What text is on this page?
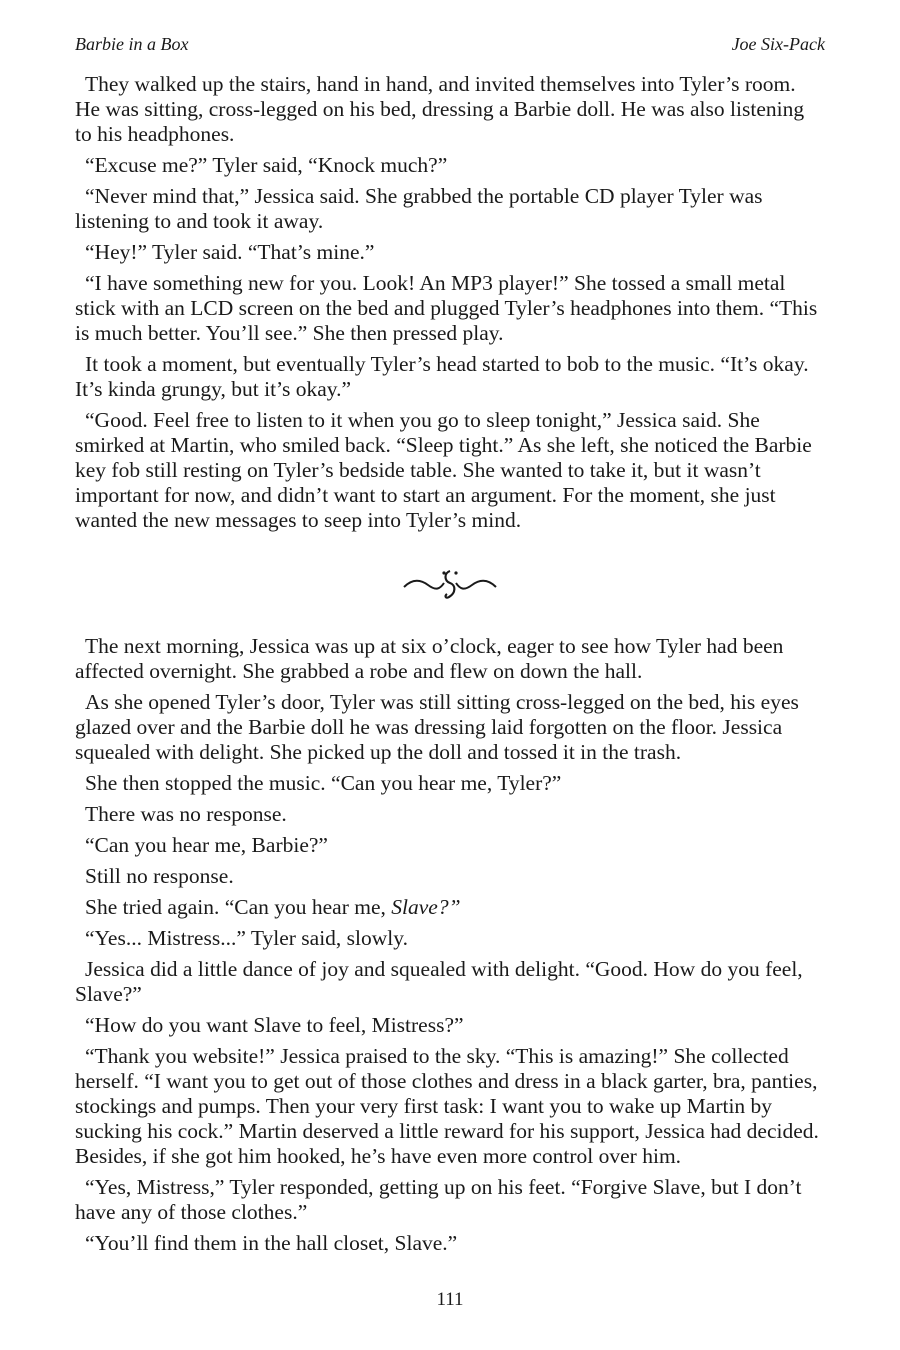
Barbie in a Box	Joe Six-Pack

They walked up the stairs, hand in hand, and invited themselves into Tyler’s room. He was sitting, cross-legged on his bed, dressing a Barbie doll. He was also listening to his headphones.

“Excuse me?” Tyler said, “Knock much?”

“Never mind that,” Jessica said. She grabbed the portable CD player Tyler was listening to and took it away.

“Hey!” Tyler said. “That’s mine.”

“I have something new for you. Look! An MP3 player!” She tossed a small metal stick with an LCD screen on the bed and plugged Tyler’s headphones into them. “This is much better. You’ll see.” She then pressed play.

It took a moment, but eventually Tyler’s head started to bob to the music. “It’s okay. It’s kinda grungy, but it’s okay.”

“Good. Feel free to listen to it when you go to sleep tonight,” Jessica said. She smirked at Martin, who smiled back. “Sleep tight.” As she left, she noticed the Barbie key fob still resting on Tyler’s bedside table. She wanted to take it, but it wasn’t important for now, and didn’t want to start an argument. For the moment, she just wanted the new messages to seep into Tyler’s mind.

The next morning, Jessica was up at six o’clock, eager to see how Tyler had been affected overnight. She grabbed a robe and flew on down the hall.

As she opened Tyler’s door, Tyler was still sitting cross-legged on the bed, his eyes glazed over and the Barbie doll he was dressing laid forgotten on the floor. Jessica squealed with delight. She picked up the doll and tossed it in the trash.

She then stopped the music. “Can you hear me, Tyler?”

There was no response.

“Can you hear me, Barbie?”

Still no response.

She tried again. “Can you hear me, Slave?”

“Yes... Mistress...” Tyler said, slowly.

Jessica did a little dance of joy and squealed with delight. “Good. How do you feel, Slave?”

“How do you want Slave to feel, Mistress?”

“Thank you website!” Jessica praised to the sky. “This is amazing!” She collected herself. “I want you to get out of those clothes and dress in a black garter, bra, panties, stockings and pumps. Then your very first task: I want you to wake up Martin by sucking his cock.” Martin deserved a little reward for his support, Jessica had decided. Besides, if she got him hooked, he’s have even more control over him.

“Yes, Mistress,” Tyler responded, getting up on his feet. “Forgive Slave, but I don’t have any of those clothes.”

“You’ll find them in the hall closet, Slave.”

111
